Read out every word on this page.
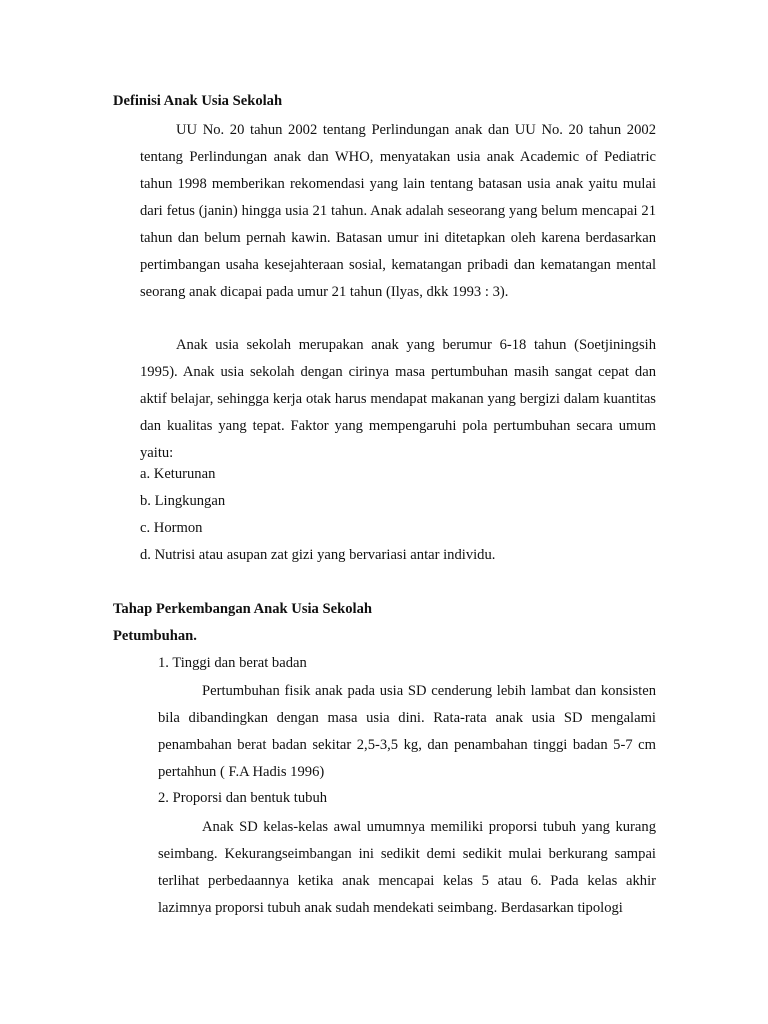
Definisi Anak Usia Sekolah

UU No. 20 tahun 2002 tentang Perlindungan anak dan UU No. 20 tahun 2002 tentang Perlindungan anak dan WHO, menyatakan usia anak Academic of Pediatric tahun 1998 memberikan rekomendasi yang lain tentang batasan usia anak yaitu mulai dari fetus (janin) hingga usia 21 tahun. Anak adalah seseorang yang belum mencapai 21 tahun dan belum pernah kawin. Batasan umur ini ditetapkan oleh karena berdasarkan pertimbangan usaha kesejahteraan sosial, kematangan pribadi dan kematangan mental seorang anak dicapai pada umur 21 tahun (Ilyas, dkk 1993 : 3).

Anak usia sekolah merupakan anak yang berumur 6-18 tahun (Soetjiningsih 1995). Anak usia sekolah dengan cirinya masa pertumbuhan masih sangat cepat dan aktif belajar, sehingga kerja otak harus mendapat makanan yang bergizi dalam kuantitas dan kualitas yang tepat. Faktor yang mempengaruhi pola pertumbuhan secara umum yaitu:

a. Keturunan
b. Lingkungan
c. Hormon
d. Nutrisi atau asupan zat gizi yang bervariasi antar individu.
Tahap Perkembangan Anak Usia Sekolah
Petumbuhan.
1. Tinggi dan berat badan

Pertumbuhan fisik anak pada usia SD cenderung lebih lambat dan konsisten bila dibandingkan dengan masa usia dini. Rata-rata anak usia SD mengalami penambahan berat badan sekitar 2,5-3,5 kg, dan penambahan tinggi badan 5-7 cm pertahhun ( F.A Hadis 1996)

2. Proporsi dan bentuk tubuh

Anak SD kelas-kelas awal umumnya memiliki proporsi tubuh yang kurang seimbang. Kekurangseimbangan ini sedikit demi sedikit mulai berkurang sampai terlihat perbedaannya ketika anak mencapai kelas 5 atau 6. Pada kelas akhir lazimnya proporsi tubuh anak sudah mendekati seimbang. Berdasarkan tipologi
